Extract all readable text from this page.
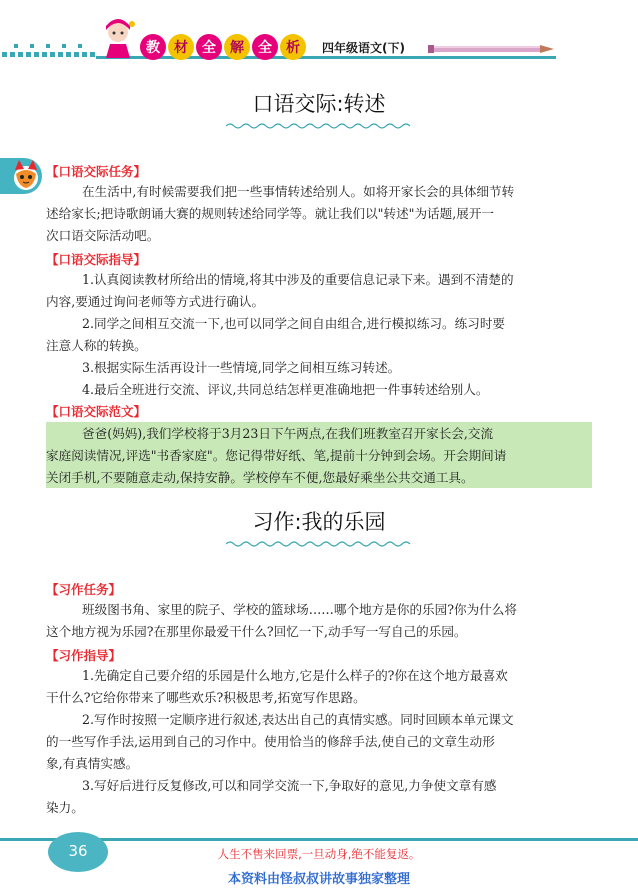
教	材	全	解	全	析	四年级语文(下)
口语交际:转述
【口语交际任务】
在生活中,有时候需要我们把一些事情转述给别人。如将开家长会的具体细节转
述给家长;把诗歌朗诵大赛的规则转述给同学等。就让我们以"转述"为话题,展开一
次口语交际活动吧。
【口语交际指导】
1.认真阅读教材所给出的情境,将其中涉及的重要信息记录下来。遇到不清楚的
内容,要通过询问老师等方式进行确认。
2.同学之间相互交流一下,也可以同学之间自由组合,进行模拟练习。练习时要
注意人称的转换。
3.根据实际生活再设计一些情境,同学之间相互练习转述。
4.最后全班进行交流、评议,共同总结怎样更准确地把一件事转述给别人。
【口语交际范文】
爸爸(妈妈),我们学校将于3月23日下午两点,在我们班教室召开家长会,交流
家庭阅读情况,评选"书香家庭"。您记得带好纸、笔,提前十分钟到会场。开会期间请
关闭手机,不要随意走动,保持安静。学校停车不便,您最好乘坐公共交通工具。
习作:我的乐园
【习作任务】
班级图书角、家里的院子、学校的篮球场……哪个地方是你的乐园?你为什么将
这个地方视为乐园?在那里你最爱干什么?回忆一下,动手写一写自己的乐园。
【习作指导】
1.先确定自己要介绍的乐园是什么地方,它是什么样子的?你在这个地方最喜欢
干什么?它给你带来了哪些欢乐?积极思考,拓宽写作思路。
2.写作时按照一定顺序进行叙述,表达出自己的真情实感。同时回顾本单元课文
的一些写作手法,运用到自己的习作中。使用恰当的修辞手法,使自己的文章生动形
象,有真情实感。
3.写好后进行反复修改,可以和同学交流一下,争取好的意见,力争使文章有感
染力。
36	人生不售来回票,一旦动身,绝不能复返。
本资料由怪叔叔讲故事独家整理
